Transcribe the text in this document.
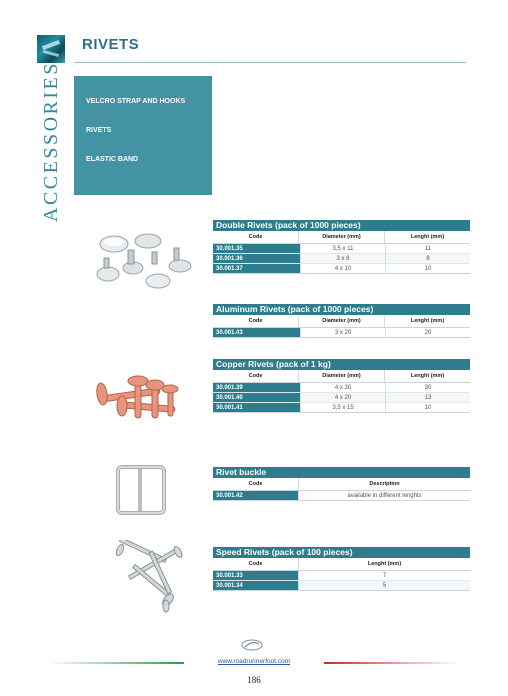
RIVETS
ACCESSORIES	VELCRO STRAP AND HOOKS
RIVETS
ELASTIC BAND
Double Rivets (pack of 1000 pieces)
Code	Diameter (mm)	Lenght (mm)
30.001.35	3,5 x 11	11
30.001.36	3 x 8	8
30.001.37	4 x 10	10
Aluminum Rivets (pack of 1000 pieces)
Code	Diameter (mm)	Lenght (mm)
30.001.43	3 x 20	20
Copper Rivets (pack of 1 kg)
Code	Diameter (mm)	Lenght (mm)
30.001.39	4 x 30	30
30.001.40	4 x 20	13
30.001.41	3,5 x 15	10
Rivet buckle
Code	Description
30.001.42	available in different lenghts
Speed Rivets (pack of 100 pieces)
Code	Lenght (mm)
30.001.33	7
30.001.34	5
www.roadrunnerfoot.com
186
